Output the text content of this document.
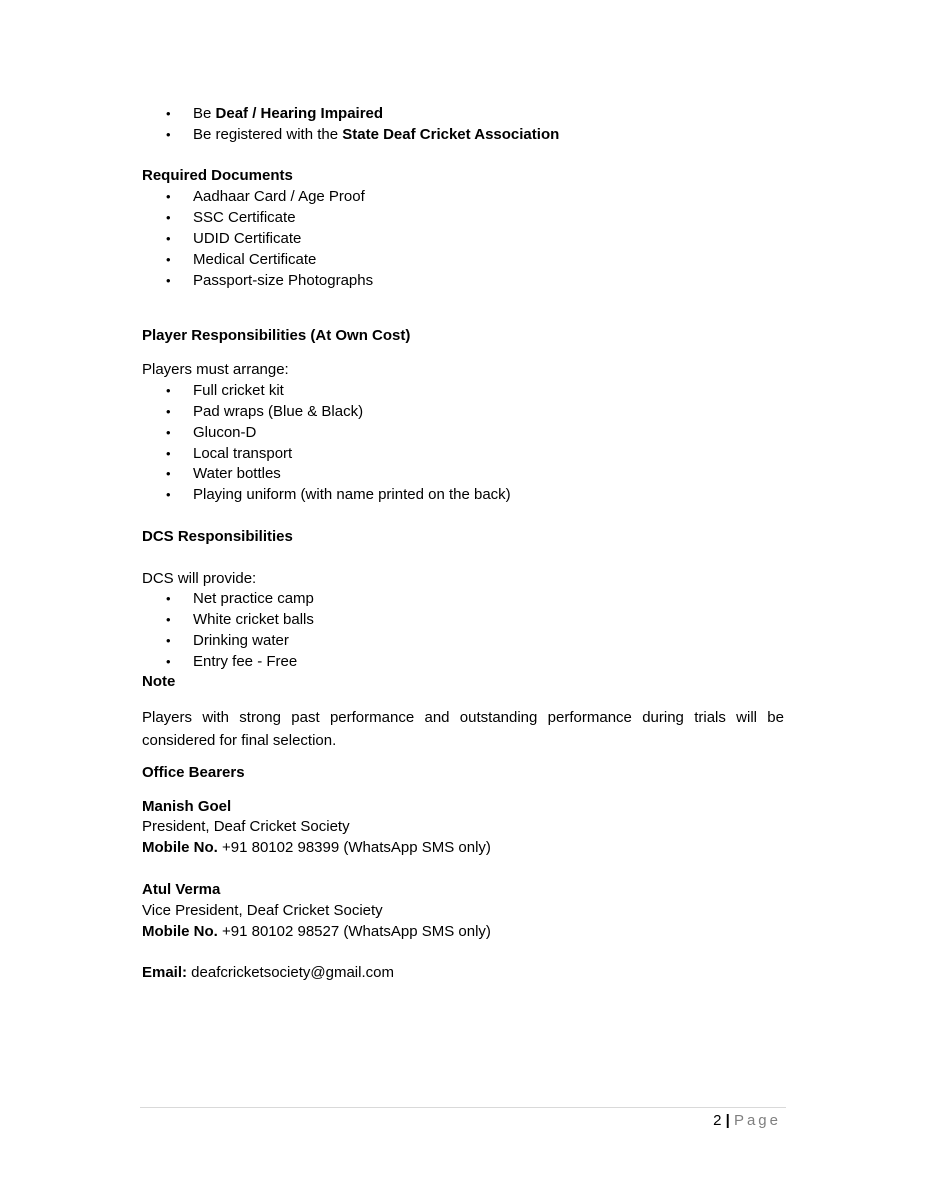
•	Be Deaf / Hearing Impaired
•	Be registered with the State Deaf Cricket Association
Required Documents
•	Aadhaar Card / Age Proof
•	SSC Certificate
•	UDID Certificate
•	Medical Certificate
•	Passport-size Photographs
Player Responsibilities (At Own Cost)
Players must arrange:
•	Full cricket kit
•	Pad wraps (Blue & Black)
•	Glucon-D
•	Local transport
•	Water bottles
•	Playing uniform (with name printed on the back)
DCS Responsibilities
DCS will provide:
•	Net practice camp
•	White cricket balls
•	Drinking water
•	Entry fee - Free
Note
Players with strong past performance and outstanding performance during trials will be considered for final selection.
Office Bearers
Manish Goel
President, Deaf Cricket Society
Mobile No. +91 80102 98399 (WhatsApp SMS only)
Atul Verma
Vice President, Deaf Cricket Society
Mobile No. +91 80102 98527 (WhatsApp SMS only)
Email: deafcricketsociety@gmail.com
2 | Page
